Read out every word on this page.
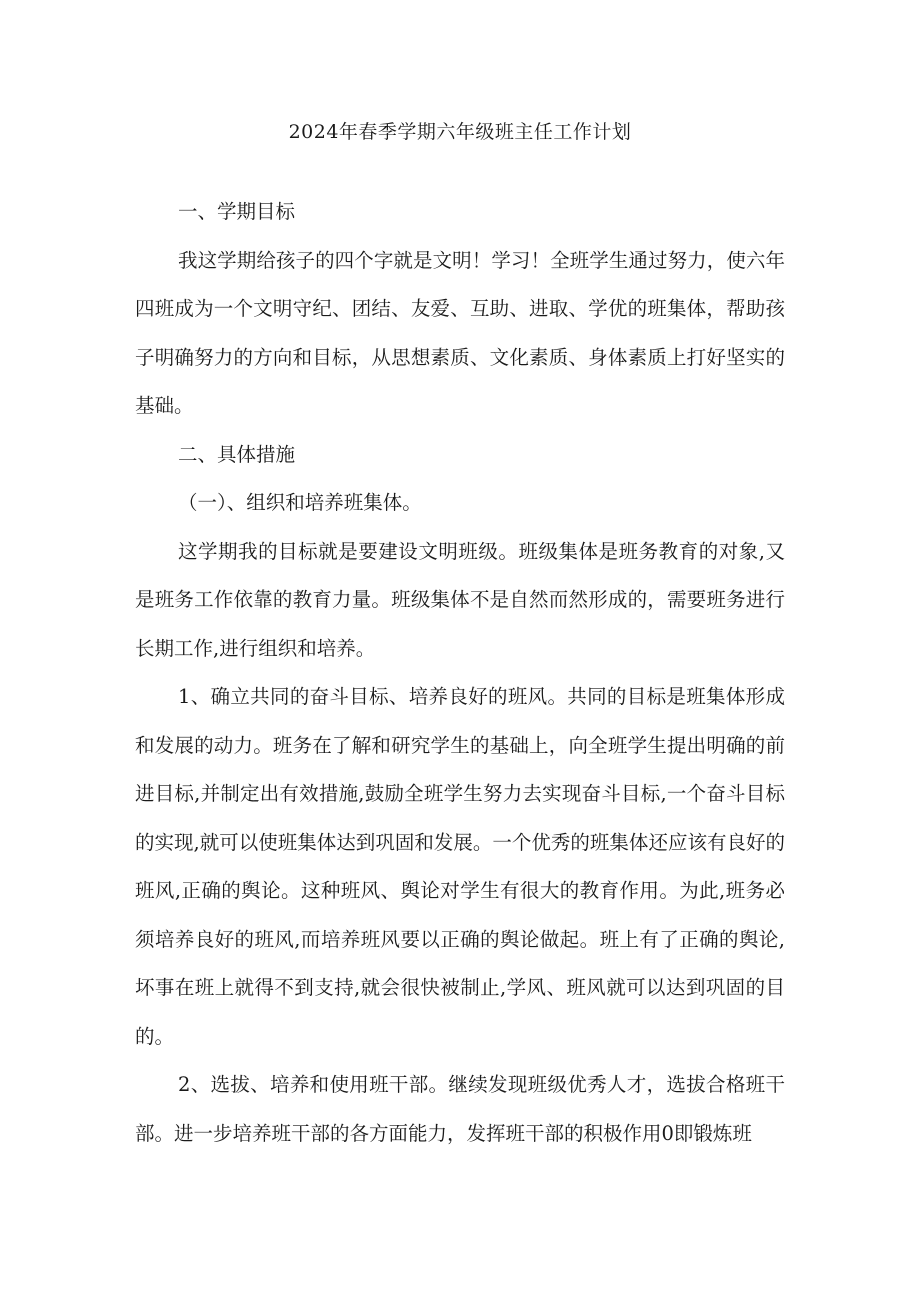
2024年春季学期六年级班主任工作计划

一、学期目标

我这学期给孩子的四个字就是文明！学习！全班学生通过努力，使六年四班成为一个文明守纪、团结、友爱、互助、进取、学优的班集体，帮助孩子明确努力的方向和目标，从思想素质、文化素质、身体素质上打好坚实的基础。

二、具体措施

（一）、组织和培养班集体。

这学期我的目标就是要建设文明班级。班级集体是班务教育的对象,又是班务工作依靠的教育力量。班级集体不是自然而然形成的，需要班务进行长期工作,进行组织和培养。

1、确立共同的奋斗目标、培养良好的班风。共同的目标是班集体形成和发展的动力。班务在了解和研究学生的基础上，向全班学生提出明确的前进目标,并制定出有效措施,鼓励全班学生努力去实现奋斗目标,一个奋斗目标的实现,就可以使班集体达到巩固和发展。一个优秀的班集体还应该有良好的班风,正确的舆论。这种班风、舆论对学生有很大的教育作用。为此,班务必须培养良好的班风,而培养班风要以正确的舆论做起。班上有了正确的舆论,坏事在班上就得不到支持,就会很快被制止,学风、班风就可以达到巩固的目的。

2、选拔、培养和使用班干部。继续发现班级优秀人才，选拔合格班干部。进一步培养班干部的各方面能力，发挥班干部的积极作用0即锻炼班
